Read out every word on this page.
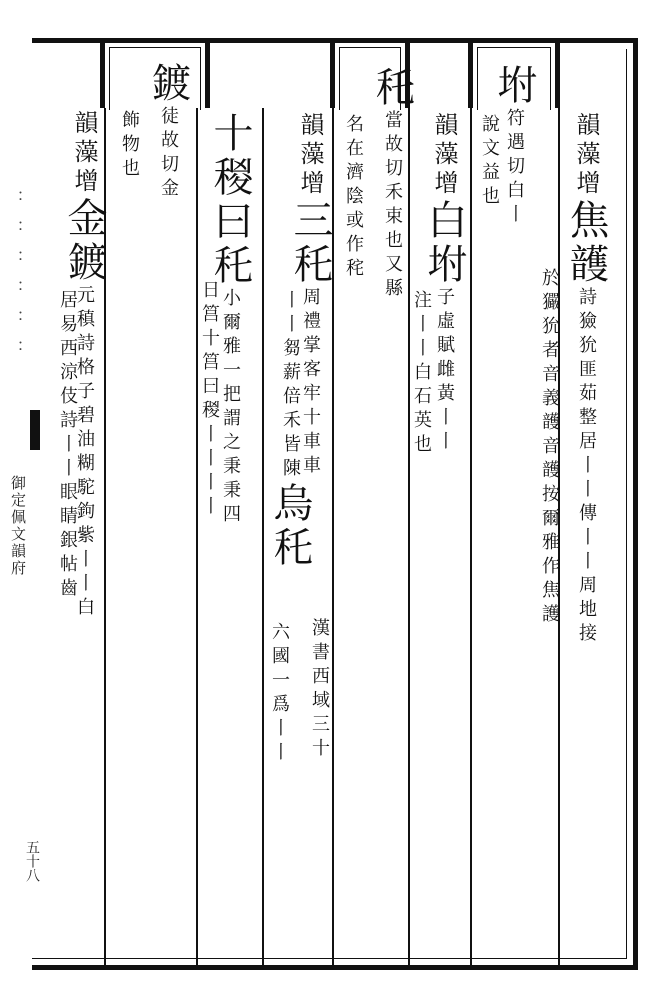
：：：：：：
御定佩文韻府
五十八
韻藻增焦頀詩獫狁匪茹整居丨丨傳丨丨周地接
於玁狁者音義頀音頀按爾雅作焦護
坿符遇切白丨
說文益也
韻藻增白坿子虛賦雌黃丨丨
注丨丨白石英也
秅當故切禾束也又縣
名在濟陰或作秺
韻藻增三秅周禮掌客牢十車車
丨丨芻薪倍禾皆陳烏秅
漢書西域三十
六國一爲丨丨
十稯曰秅小爾雅一把謂之秉秉四
日筥十筥曰稯丨丨丨丨
鍍徒故切金
飾物也
韻藻增金鍍元稹詩格子碧油糊駝鉤紫丨丨白
居易西涼伎詩丨丨眼睛銀帖齒
